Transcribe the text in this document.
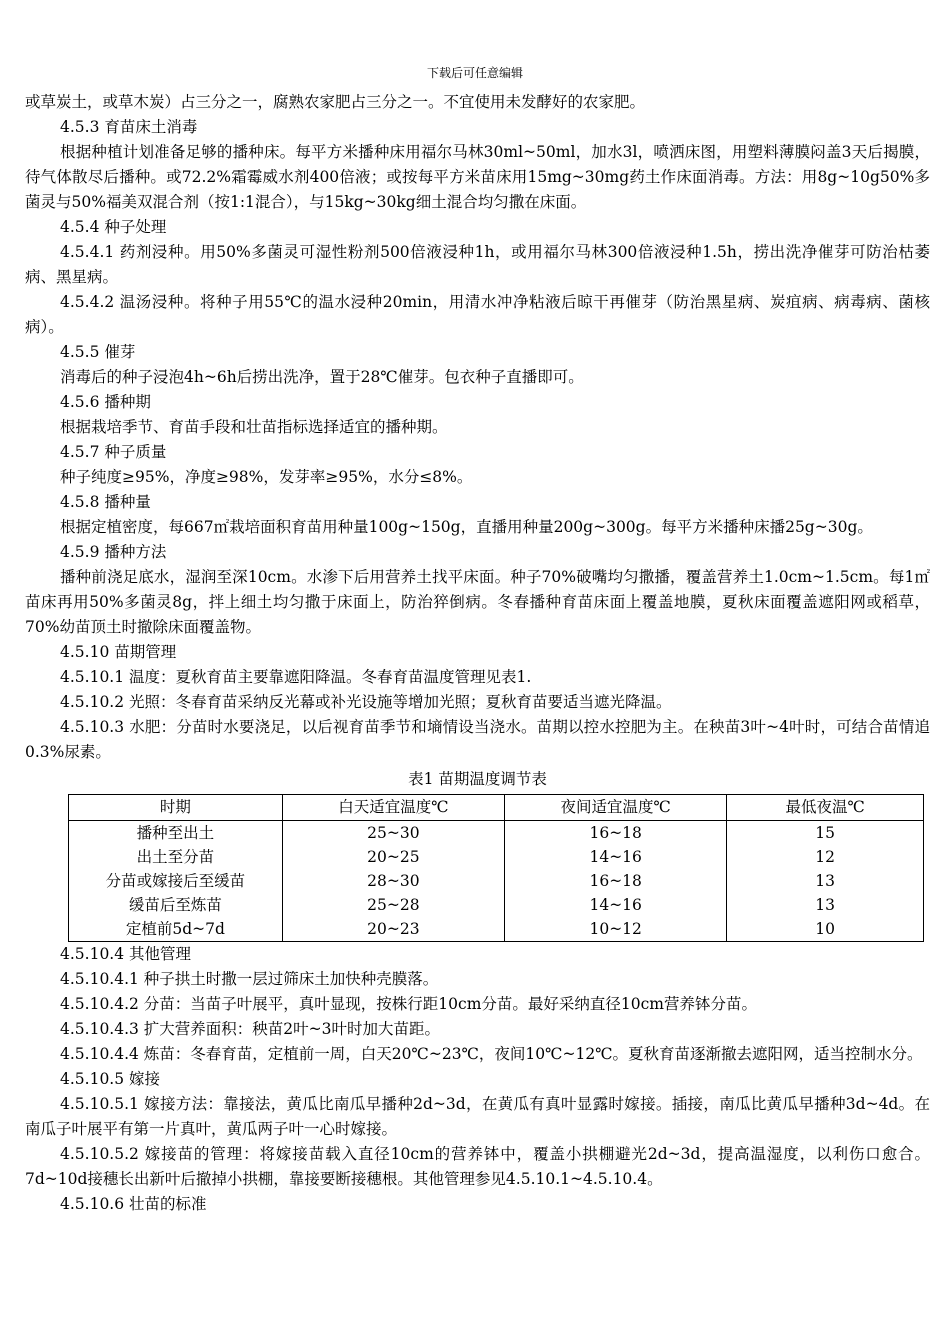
下载后可任意编辑

或草炭土，或草木炭）占三分之一，腐熟农家肥占三分之一。不宜使用未发酵好的农家肥。

4.5.3 育苗床土消毒

根据种植计划准备足够的播种床。每平方米播种床用福尔马林30ml~50ml，加水3l，喷洒床图，用塑料薄膜闷盖3天后揭膜，待气体散尽后播种。或72.2%霜霉威水剂400倍液；或按每平方米苗床用15mg~30mg药土作床面消毒。方法：用8g~10g50%多菌灵与50%福美双混合剂（按1:1混合），与15kg~30kg细土混合均匀撒在床面。

4.5.4 种子处理

4.5.4.1 药剂浸种。用50%多菌灵可湿性粉剂500倍液浸种1h，或用福尔马林300倍液浸种1.5h，捞出洗净催芽可防治枯萎病、黑星病。

4.5.4.2 温汤浸种。将种子用55℃的温水浸种20min，用清水冲净粘液后晾干再催芽（防治黑星病、炭疽病、病毒病、菌核病）。

4.5.5 催芽

消毒后的种子浸泡4h~6h后捞出洗净，置于28℃催芽。包衣种子直播即可。

4.5.6 播种期

根据栽培季节、育苗手段和壮苗指标选择适宜的播种期。

4.5.7 种子质量

种子纯度≥95%，净度≥98%，发芽率≥95%，水分≤8%。

4.5.8 播种量

根据定植密度，每667㎡栽培面积育苗用种量100g~150g，直播用种量200g~300g。每平方米播种床播25g~30g。

4.5.9 播种方法

播种前浇足底水，湿润至深10cm。水渗下后用营养土找平床面。种子70%破嘴均匀撒播，覆盖营养土1.0cm~1.5cm。每1㎡苗床再用50%多菌灵8g，拌上细土均匀撒于床面上，防治猝倒病。冬春播种育苗床面上覆盖地膜，夏秋床面覆盖遮阳网或稻草，70%幼苗顶土时撤除床面覆盖物。

4.5.10 苗期管理

4.5.10.1 温度：夏秋育苗主要靠遮阳降温。冬春育苗温度管理见表1.

4.5.10.2 光照：冬春育苗采纳反光幕或补光设施等增加光照；夏秋育苗要适当遮光降温。

4.5.10.3 水肥：分苗时水要浇足，以后视育苗季节和墒情设当浇水。苗期以控水控肥为主。在秧苗3叶~4叶时，可结合苗情追0.3%尿素。

表1 苗期温度调节表

时期	白天适宜温度℃	夜间适宜温度℃	最低夜温℃
播种至出土	25~30	16~18	15
出土至分苗	20~25	14~16	12
分苗或嫁接后至缓苗	28~30	16~18	13
缓苗后至炼苗	25~28	14~16	13
定植前5d~7d	20~23	10~12	10

4.5.10.4 其他管理

4.5.10.4.1 种子拱土时撒一层过筛床土加快种壳膜落。

4.5.10.4.2 分苗：当苗子叶展平，真叶显现，按株行距10cm分苗。最好采纳直径10cm营养钵分苗。

4.5.10.4.3 扩大营养面积：秧苗2叶~3叶时加大苗距。

4.5.10.4.4 炼苗：冬春育苗，定植前一周，白天20℃~23℃，夜间10℃~12℃。夏秋育苗逐渐撤去遮阳网，适当控制水分。

4.5.10.5 嫁接

4.5.10.5.1 嫁接方法：靠接法，黄瓜比南瓜早播种2d~3d，在黄瓜有真叶显露时嫁接。插接，南瓜比黄瓜早播种3d~4d。在南瓜子叶展平有第一片真叶，黄瓜两子叶一心时嫁接。

4.5.10.5.2 嫁接苗的管理：将嫁接苗载入直径10cm的营养钵中，覆盖小拱棚避光2d~3d，提高温湿度，以利伤口愈合。7d~10d接穗长出新叶后撤掉小拱棚，靠接要断接穗根。其他管理参见4.5.10.1~4.5.10.4。

4.5.10.6 壮苗的标准
